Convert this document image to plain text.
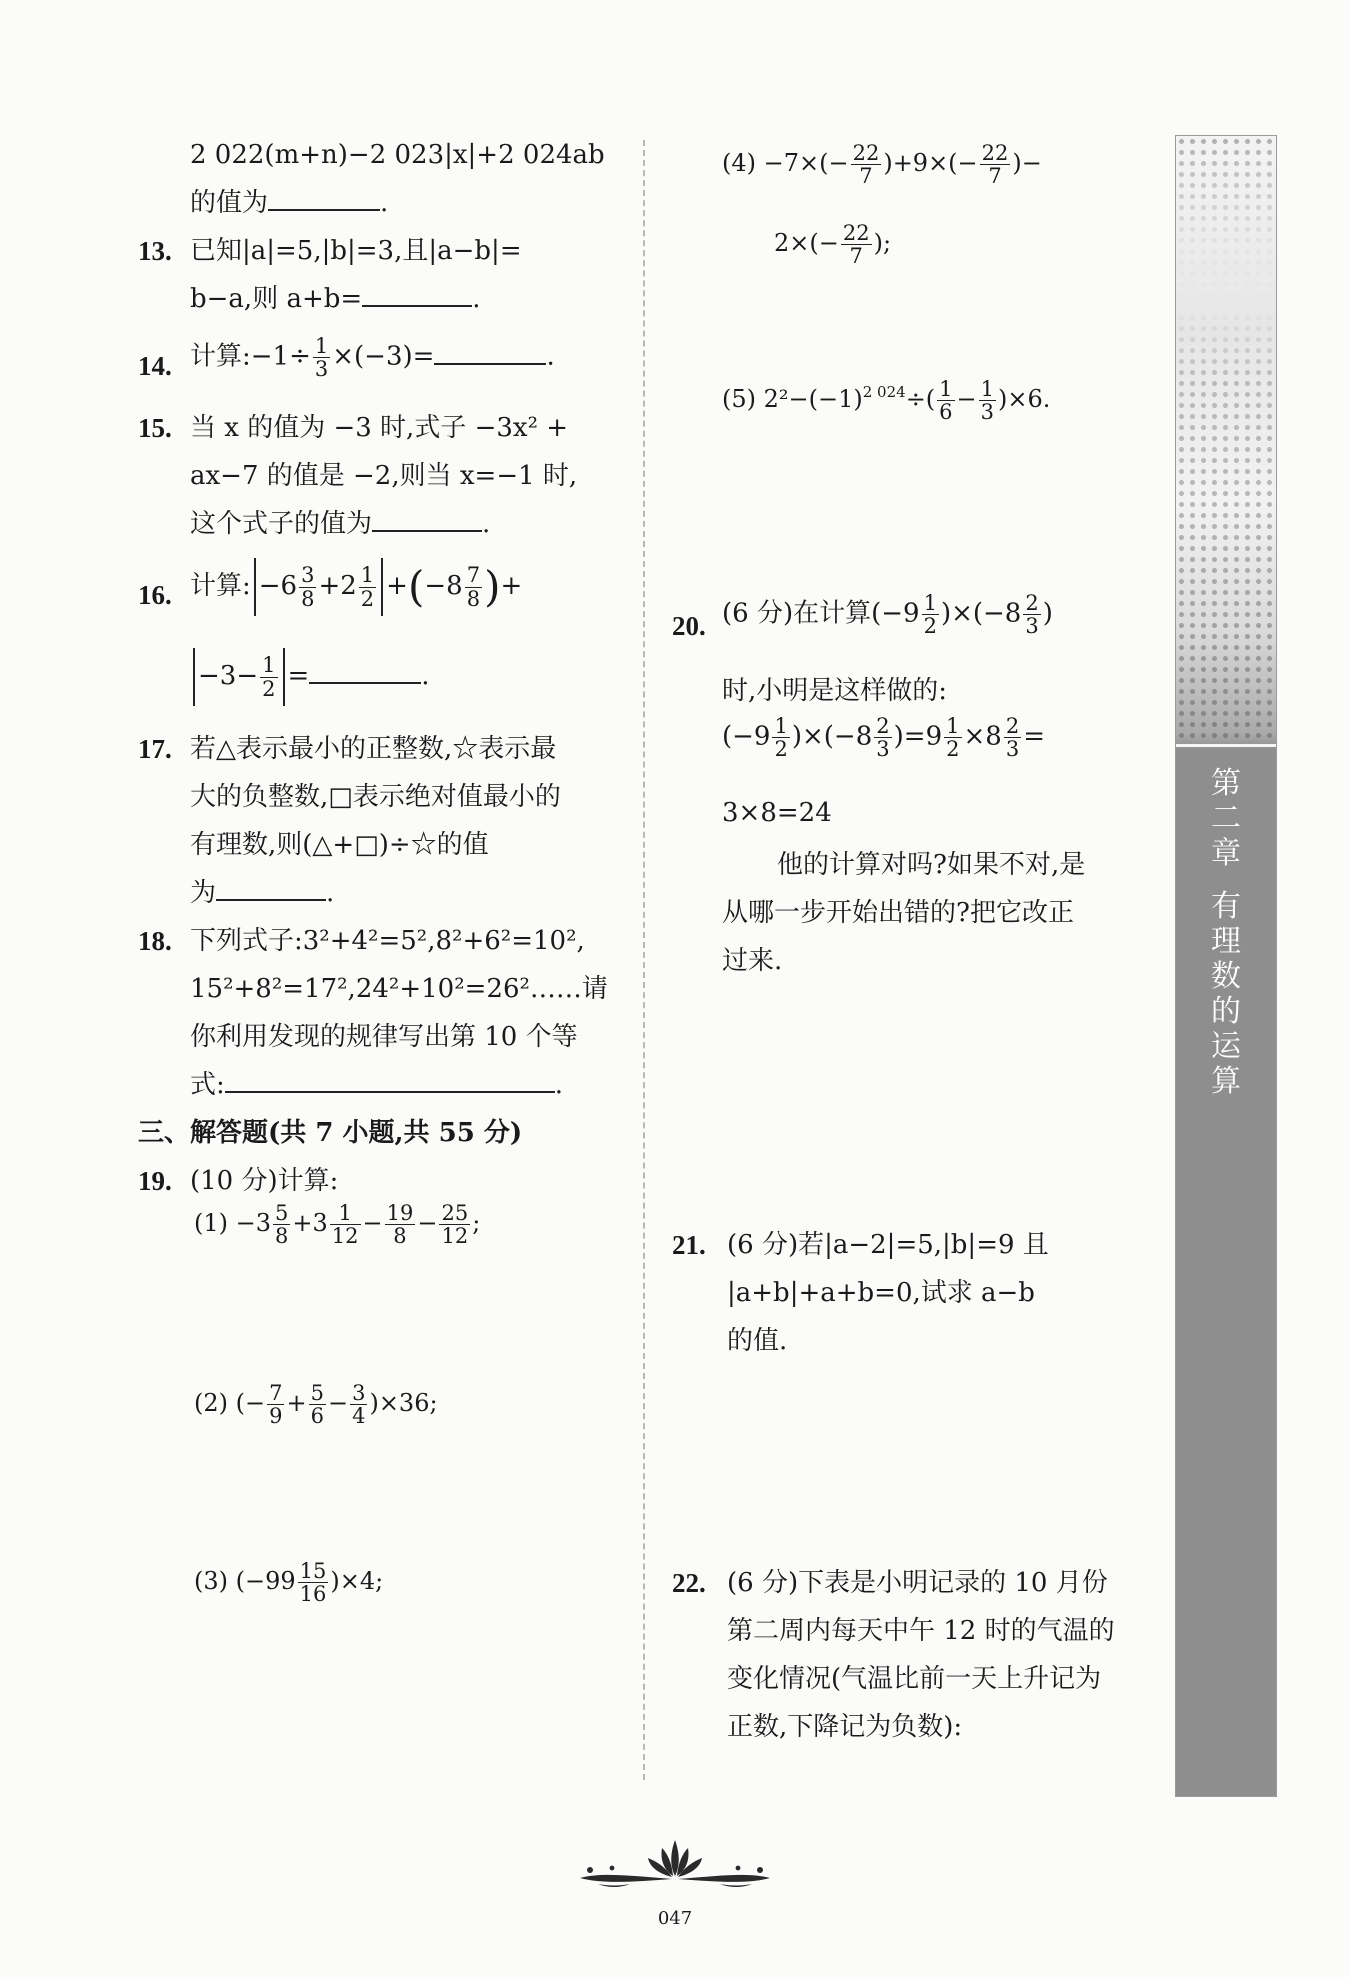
2 022(m+n)−2 023|x|+2 024ab
的值为	.
13. 已知|a|=5,|b|=3,且|a−b|=
b−a,则 a+b=	.
14. 计算:−1÷ $\frac{1}{3} \times(-3)=$	.
15. 当 x 的值为 −3 时,式子 −3x² +
ax−7 的值是 −2,则当 x=−1 时,
这个式子的值为	.
16. 计算: $-6 \frac{3}{8} +2 \frac{1}{2} +(-8 \frac{7}{8}$ )+
$-3- \frac{1}{2}$ =	.
17. 若△表示最小的正整数,☆表示最
大的负整数,□表示绝对值最小的
有理数,则(△+□)÷☆的值
为	.
18. 下列式子:3²+4²=5²,8²+6²=10²,
15²+8²=17²,24²+10²=26²……请
你利用发现的规律写出第 10 个等
式:	.
三、解答题(共 7 小题,共 55 分)
19. (10 分)计算:
$(1) -3 \frac{5}{8} +3 \frac{1}{12} - \frac{19}{8} - \frac{25}{12}$ ;
(2) (− $\frac{7}{9} + \frac{5}{6} - \frac{3}{4} )\times 36$;
(3) $(-99 \frac{15}{16} )\times 4$;
$(4) -7\times(- \frac{22}{7} )+9\times(- \frac{22}{7}$ )−
$2\times(- \frac{22}{7}$ );
(5) $2^2-(-1)^{2 024}\div( \frac{1}{6} - \frac{1}{3} )\times 6$.
20. (6 分)在计算$(-9 \frac{1}{2} )\times(-8 \frac{2}{3}$ )
时,小明是这样做的:
$(-9 \frac{1}{2} )\times(-8 \frac{2}{3} )=9 \frac{1}{2} \times 8 \frac{2}{3}$ =
3×8=24
他的计算对吗?如果不对,是
从哪一步开始出错的?把它改正
过来.
21. (6 分)若|a−2|=5,|b|=9 且
|a+b|+a+b=0,试求 a−b
的值.
22. (6 分)下表是小明记录的 10 月份
第二周内每天中午 12 时的气温的
变化情况(气温比前一天上升记为
正数,下降记为负数):
第
二
章
有
理
数
的
运
算
047
